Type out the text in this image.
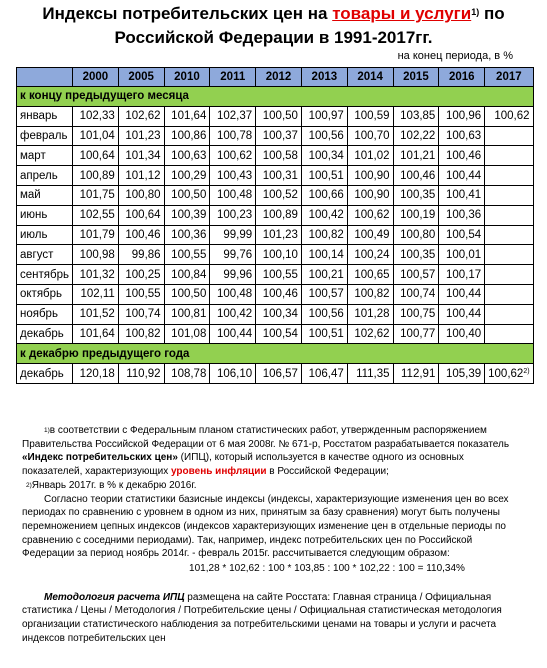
Индексы потребительских цен на товары и услуги$^{1)}$ по
Российской Федерации в 1991-2017гг.
на конец периода, в %
	2000	2005	2010	2011	2012	2013	2014	2015	2016	2017
к концу предыдущего месяца										
январь	102,33	102,62	101,64	102,37	100,50	100,97	100,59	103,85	100,96	100,62
февраль	101,04	101,23	100,86	100,78	100,37	100,56	100,70	102,22	100,63	
март	100,64	101,34	100,63	100,62	100,58	100,34	101,02	101,21	100,46	
апрель	100,89	101,12	100,29	100,43	100,31	100,51	100,90	100,46	100,44	
май	101,75	100,80	100,50	100,48	100,52	100,66	100,90	100,35	100,41	
июнь	102,55	100,64	100,39	100,23	100,89	100,42	100,62	100,19	100,36	
июль	101,79	100,46	100,36	99,99	101,23	100,82	100,49	100,80	100,54	
август	100,98	99,86	100,55	99,76	100,10	100,14	100,24	100,35	100,01	
сентябрь	101,32	100,25	100,84	99,96	100,55	100,21	100,65	100,57	100,17	
октябрь	102,11	100,55	100,50	100,48	100,46	100,57	100,82	100,74	100,44	
ноябрь	101,52	100,74	100,81	100,42	100,34	100,56	101,28	100,75	100,44	
декабрь	101,64	100,82	101,08	100,44	100,54	100,51	102,62	100,77	100,40	
к декабрю предыдущего года										
декабрь	120,18	110,92	108,78	106,10	106,57	106,47	111,35	112,91	105,39	100,62$^{2)}$

$^{1)}$в соответствии с Федеральным планом статистических работ, утвержденным распоряжением Правительства Российской Федерации от 6 мая 2008г. № 671-р, Росстатом разрабатывается показатель «Индекс потребительских цен» (ИПЦ), который используется в качестве одного из основных показателей, характеризующих уровень инфляции в Российской Федерации;

$^{2)}$Январь 2017г. в % к декабрю 2016г.

Согласно теории статистики базисные индексы (индексы, характеризующие изменения цен во всех периодах по сравнению с уровнем в одном из них, принятым за базу сравнения) могут быть получены перемножением цепных индексов (индексов характеризующих изменение цен в отдельные периоды по сравнению с соседними периодами). Так, например, индекс потребительских цен по Российской Федерации за период ноябрь 2014г. - февраль 2015г. рассчитывается следующим образом:

101,28 * 102,62 : 100 * 103,85 : 100 * 102,22 : 100 = 110,34%

Методология расчета ИПЦ размещена на сайте Росстата: Главная страница / Официальная статистика / Цены / Методология / Потребительские цены / Официальная статистическая методология организации статистического наблюдения за потребительскими ценами на товары и услуги и расчета индексов потребительских цен
